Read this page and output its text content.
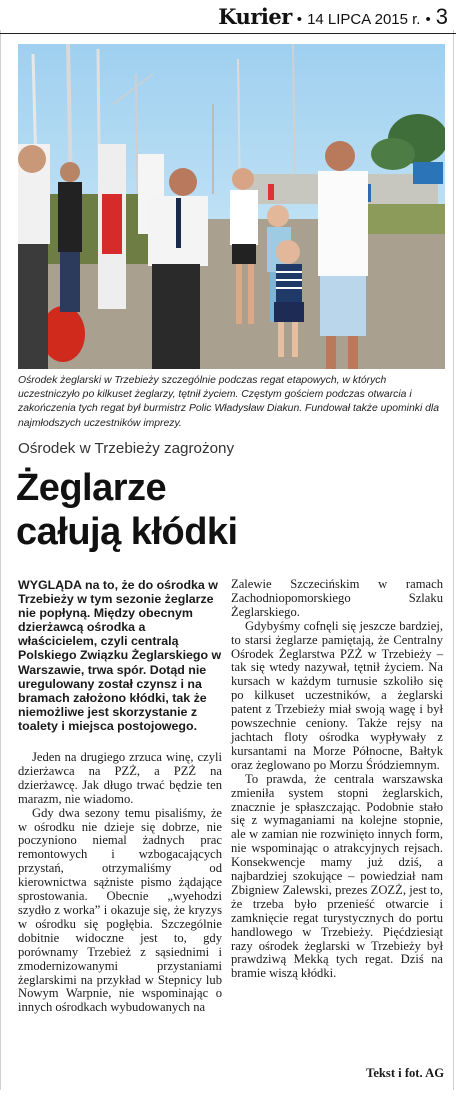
Kurier • 14 LIPCA 2015 r. • 3

Ośrodek żeglarski w Trzebieży szczególnie podczas regat etapowych, w których uczestniczyło po kilkuset żeglarzy, tętnił życiem. Częstym gościem podczas otwarcia i zakończenia tych regat był burmistrz Polic Władysław Diakun. Fundował także upominki dla najmłodszych uczestników imprezy.

Ośrodek w Trzebieży zagrożony
Żeglarze
całują kłódki

WYGLĄDA na to, że do ośrodka w Trzebieży w tym sezonie żeglarze nie popłyną. Między obecnym dzierżawcą ośrodka a właścicielem, czyli centralą Polskiego Związku Żeglarskiego w Warszawie, trwa spór. Dotąd nie uregulowany został czynsz i na bramach założono kłódki, tak że niemożliwe jest skorzystanie z toalety i miejsca postojowego.

Jeden na drugiego zrzuca winę, czyli dzierżawca na PZŻ, a PZŻ na dzierżawcę. Jak długo trwać będzie ten marazm, nie wiadomo.

Gdy dwa sezony temu pisaliśmy, że w ośrodku nie dzieje się dobrze, nie poczyniono niemal żadnych prac remontowych i wzbogacających przystań, otrzymaliśmy od kierownictwa sążniste pismo żądające sprostowania. Obecnie „wyehodzi szydło z worka” i okazuje się, że kryzys w ośrodku się pogłębia. Szczególnie dobitnie widoczne jest to, gdy porównamy Trzebież z sąsiednimi i zmodernizowanymi przystaniami żeglarskimi na przykład w Stepnicy lub Nowym Warpnie, nie wspominając o innych ośrodkach wybudowanych na

Zalewie Szczecińskim w ramach Zachodniopomorskiego Szlaku Żeglarskiego.

Gdybyśmy cofnęli się jeszcze bardziej, to starsi żeglarze pamiętają, że Centralny Ośrodek Żeglarstwa PZŻ w Trzebieży – tak się wtedy nazywał, tętnił życiem. Na kursach w każdym turnusie szkoliło się po kilkuset uczestników, a żeglarski patent z Trzebieży miał swoją wagę i był powszechnie ceniony. Także rejsy na jachtach floty ośrodka wypływały z kursantami na Morze Północne, Bałtyk oraz żeglowano po Morzu Śródziemnym.

To prawda, że centrala warszawska zmieniła system stopni żeglarskich, znacznie je spłaszczając. Podobnie stało się z wymaganiami na kolejne stopnie, ale w zamian nie rozwinięto innych form, nie wspominając o atrakcyjnych rejsach. Konsekwencje mamy już dziś, a najbardziej szokujące – powiedział nam Zbigniew Zalewski, prezes ZOZŻ, jest to, że trzeba było przenieść otwarcie i zamknięcie regat turystycznych do portu handlowego w Trzebieży. Pięćdziesiąt razy ośrodek żeglarski w Trzebieży był prawdziwą Mekką tych regat. Dziś na bramie wiszą kłódki.

Tekst i fot. AG
